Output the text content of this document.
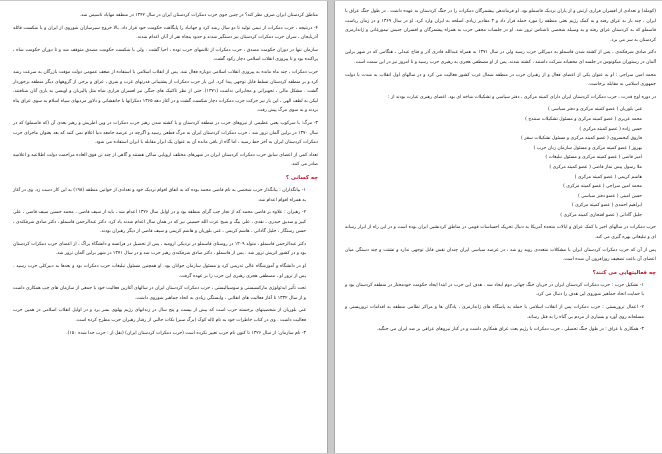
مناطق کردستان ایران صرف نظر کند؟ در چنین جوی حزب دمکرات کردستان ایران در سال ۱۳۴۲ در منطقه مهاباد تاسیس شد.

۴- درنتیجه ، حزب دمکرات از نیمی تولید تا دو سال رشد کرد و جهانباد را پایگاهت حکومت خود قرار داد. بالا خروج سیرسازان شوروی از ایران و با شکست قائله آذربایجان ، سران حزب دمکرات کردستان نیز دستگیر شدند و حدود پنجاه نفر از آنان اعدام شدند.

سازمان تنها در دوران حکومت مصدق ، حزب دمکرات از تلاشهای حزب توده ، احیا گشت . ولی با شکست حکومت مصدق متوقف شد و تا دوران حکومت شاه ، پراکنده بود و تا پیروزی انقلاب اسلامی دچار رکود گشت.

حزب دمکرات ، چند ماه مانده به پیروزی انقلاب اسلامی دوباره فعال شد. پس از انقلاب اسلامی با استفاده از ضعف عمومی دولت موقت بازرگان به سرعت رشد کرد و بر منطقه کردستان تسلط قابل توجهی پیدا کرد. این بار حزب دمکرات از پشتیبانی قدرتهای غرب و شرق ، عراق و برخی از گروههای دیگر منطقه برخوردار گشت . مشکل مالی ، تجهیزاتی و مخابراتی نداشت (۱۳۷۱). حتی از نظر تاکتیک های جنگی نیز افسران فراری شاه مثل پالیزبان و اویسی به یاری آنان شتافتند. لیکن به لطف الهی ، این بار نیز حرکت حزب دمکرات دچار شکست گشت و در آغاز دهه ۱۳۶۵ دمکراتها با جانفشانی و دلاور مردیهای سپاه اسلام به سوی عراق پناه بردند و به سوی مرگ پیش رفت.

۳- مرگ: با سرکوب یعنی عظیمی از نیروهای حزب در منطقه کردستان و با کشته شدن رهبر حزب دمکرات در وین اطریش و رهبر بعدی آن (که قاسملو) که در سال ۱۳۷۰ در برلین آلمان ترور شد ، حزب دمکرات کردستان ایران به مرگ قطعی رسید و اگرچه در عرصه جامعه دنیا اعلام نمی کنند که بعد بعنوان ماجرای حزب دمکرات کردستان ایران به آخر خط رسید ، اما گاه از باقی مانده آن به عنوان یک ابزار مقابله با ایران استفاده می شود.

تعداد کمی از اعضای سابق حزب دمکرات کردستان ایران در شهرهای مختلف اروپایی ساکن هستند و گاهی از چند تن فوق العاده مزاحمت دولت اطلاعیه و اعلامیه صادر می کنند.

چه کسانی ؟

۱- بیانگذاران : بیانگذار حزب شخصی به نام قاضی محمد بوده که به اتفاق اقوام نزدیک خود و تعدادی از خوانین منطقه (۱۹۸) به این کار دست زد. وی در آغاز به همراه اقوام اعدام شد.

۲- رهبران : علاوه بر قاضی محمد که از تجار چپ گرای منطقه بود و در اوایل سال ۱۳۲۶ اعدام شد ، باید از سیف قاضی ، محمد حسین سیف قاضی ، علی کبیر و صدیق حیدری ، نقدی ، علی بیگ و شیخ عزت الله حسینی نیز که در همان سال اعدام شدند یاد کرد. دکتر عبدالرحمن قاسملو ، دکتر صادق شرفکندی ، حسن رستگار ، جلیل گادانی ، هاشم کریمی ، غنی بلوریان و هاشم کریمی و سیف قاضی از دیگر رهبران بودند.

دکتر عبدالرحمن قاسملو ، متولد ۱۳۰۹ در روستای قاسملو در نزدیکی ارومیه ، پس از تحصیل در فرانسه و دانشگاه پراگ ، از اعضای حزب دمکرات کردستان بود و در کشور اتریش ترور شد . پس از قاسملو ، دکتر صادق شرفکندی رهبر حزب شد و در سال ۱۳۷۱ در شهر برلین آلمان ترور شد.

او در دانشگاه و آموزشگاه عالی تدریس کرد و مسئول سازمان جوانان بود. او همچنین مسئول تبلیغات حزب دمکرات بود و بعدها به دبیرکلی حزب رسید . پس از ترور او ، مصطفی هجری رهبری این حزب را بر عهده گرفت.

تحت تأثیر ایدئولوژی مارکسیستی و سوسیالیستی ، حزب دمکرات کردستان ایران در سالهای آغازین فعالیت خود با جمعی از سازمان های چپ همکاری داشت و از سال ۱۳۳۲ تا آغاز فعالیت های انقلابی ، وابستگی زیادی به اتحاد جماهیر شوروی داشت.

غنی بلوریان از شخصیتهای برجسته حزب است که بیش از بیست و پنج سال در زندانهای رژیم پهلوی بسر برد و در اوایل انقلاب اسلامی در همین حزب فعالیت داشت . وی در کتاب خاطرات خود به نام ئاله کوک (برگ سبز) نکات جالبی از رفتار رهبران حزب مطرح کرده است.

۳- نام سازمان: از سال ۱۳۲۶ تا کنون نام حزب تغییر نکرده است (حزب دمکرات کردستان ایران) (نقل از : حزب جدا شده ۱۵۰).

(کومله) و تعدادی از افسران فراری ارتش و از یاران نزدیک قاسملو بود. او فرماندهی پیشمرگان دمکرات را در جنگ کردستان به عهده داشت . در طول جنگ عراق با ایران ، چند بار به عراق رفته و به کمک رژیم بعثی منطقه را مورد حمله قرار داد و ۳ مقادیر زیادی اسلحه به ایران وارد کرد. او در سال ۱۳۶۹ و در زمان ریاست قاسملو که به کردستان عراق رفته و به وسیله شخصی ناشناس ترور شد. او در جلسات مخفی حزب به همراه پیشمرگان و افسران جنبش تیمورغانی و ژاندارمری کردستان به سر می برد.

دکتر صادق شرفکندی ، پس از کشته شدن قاسملو به دبیرکلی حزب رسید ولی در سال ۱۳۷۱ به همراه عبدالله قادری آذر و فتاح عبدلی ، هنگامی که در شهر برلین آلمان در رستوران میکونوس در جلسه ای مخفیانه شرکت داشتند ، کشته شدند. پس از او مصطفی هجری به رهبری حزب رسید و تا امروز نیز در این سمت است.

محمد امین سراجی : او به عنوان یکی از اعضای فعال و از رهبران حزب در منطقه شمال غرب کشور فعالیت می کرد و در سالهای اول انقلاب به شدت با دولت جمهوری اسلامی به مقابله برخاست.

در دوره اوج قدرت ، حزب دمکرات کردستان ایران دارای کمیته مرکزی ، دفتر سیاسی و تشکیلات شاخه ای بود. اعضای رهبری عبارت بودند از :

غنی بلوریان ( عضو کمیته مرکزی و دفتر سیاسی )
محمد عزیزی ( عضو کمیته مرکزی و مسئول تشکیلات سنندج )
حسن زاده ( عضو کمیته مرکزی )
فاروق کیخسروی ( عضو کمیته مرکزی و مسئول تشکیلات سقز )
بهروز ( عضو کمیته مرکزی و مسئول سازمان زنان حزب )
امیر قاضی ( عضو کمیته مرکزی و مسئول تبلیغات )
ملا رسول پیش نماز قاضی ( عضو کمیته مرکزی )
هاشم کریمی ( عضو کمیته مرکزی )
محمد امین سراجی ( عضو کمیته مرکزی )
حسن امینی ( عضو دفتر سیاسی )
ابراهیم احمدی ( عضو کمیته مرکزی )
جلیل گادانی ( عضو افتخاری کمیته مرکزی )

حزب دمکرات در سالهای اخیر با کمک عراق و ایالات متحده آمریکا به دنبال تحریک احساسات قومی در مناطق کردنشین ایران بوده است و در این راه از ابزار رسانه ای و تبلیغاتی بهره گیری می کند.

پس از آن که حزب دمکرات کردستان ایران با مشکلات متعددی روبه رو شد ، در عرصه سیاسی ایران چندان نقش قابل توجهی ندارد و تشتت و چند دستگی میان اعضای آن باعث تضعیف روزافزون آن شده است.

چه فعالیتهایی می کنند؟

۱- تشکیل حزب : حزب دمکرات کردستان ایران در جریان جنگ جهانی دوم ایجاد شد . هدف این حزب در ابتدا ایجاد حکومت خودمختار در منطقه کردستان بود و با حمایت اتحاد جماهیر شوروی این هدف را دنبال می کرد.

۲- اعمال تروریستی : حزب دمکرات پس از انقلاب اسلامی با حمله به پاسگاه های ژاندارمری ، پادگان ها و مراکز نظامی منطقه به اقدامات تروریستی و مسلحانه روی آورد و بسیاری از مردم بی گناه را به قتل رساند.

۳- همکاری با عراق : در طول جنگ تحمیلی ، حزب دمکرات با رژیم بعث عراق همکاری داشت و در کنار نیروهای عراقی بر ضد ایران می جنگید.
